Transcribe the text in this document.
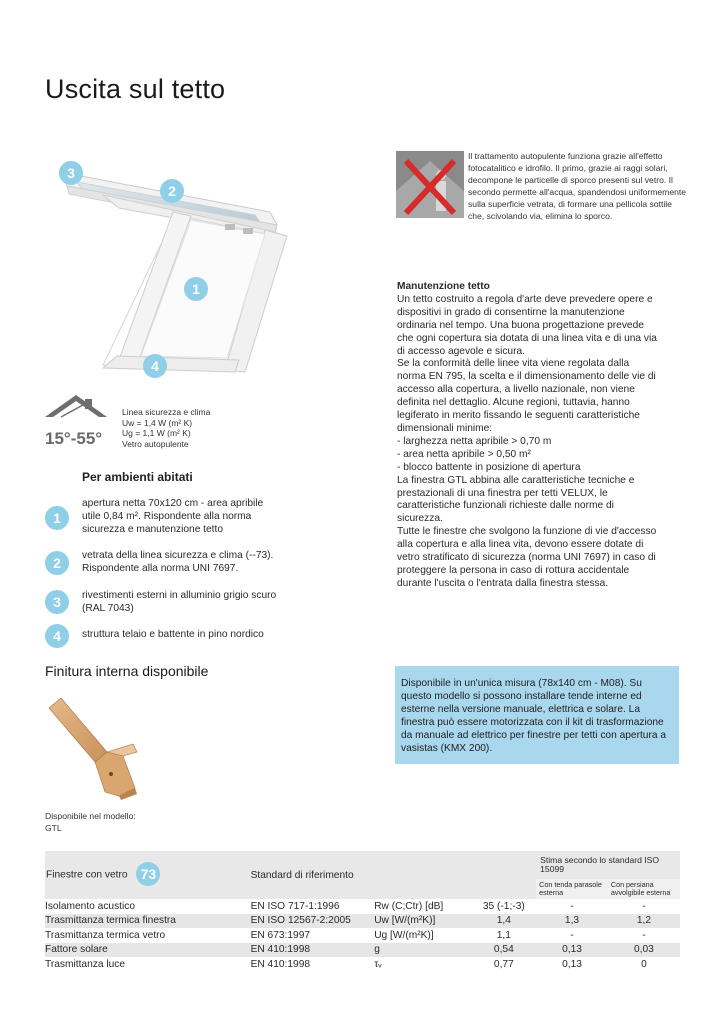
Uscita sul tetto
3
2
1
4
15°-55°
Linea sicurezza e clima
Uw = 1,4 W (m² K)
Ug = 1,1 W (m² K)
Vetro autopulente
Per ambienti abitati
1
apertura netta 70x120 cm - area apribile utile 0,84 m². Rispondente alla norma sicurezza e manutenzione tetto
2	vetrata della linea sicurezza e clima (--73). Rispondente alla norma UNI 7697.
3	rivestimenti esterni in alluminio grigio scuro (RAL 7043)
4	struttura telaio e battente in pino nordico
Finitura interna disponibile
Disponibile nel modello:
GTL
Il trattamento autopulente funziona grazie all'effetto fotocatalitico e idrofilo. Il primo, grazie ai raggi solari, decompone le particelle di sporco presenti sul vetro. Il secondo permette all'acqua, spandendosi uniformemente sulla superficie vetrata, di formare una pellicola sottile che, scivolando via, elimina lo sporco.

Manutenzione tetto

Un tetto costruito a regola d'arte deve prevedere opere e dispositivi in grado di consentirne la manutenzione ordinaria nel tempo. Una buona progettazione prevede che ogni copertura sia dotata di una linea vita e di una via di accesso agevole e sicura.

Se la conformità delle linee vita viene regolata dalla norma EN 795, la scelta e il dimensionamento delle vie di accesso alla copertura, a livello nazionale, non viene definita nel dettaglio. Alcune regioni, tuttavia, hanno legiferato in merito fissando le seguenti caratteristiche dimensionali minime:

- larghezza netta apribile > 0,70 m

- area netta apribile > 0,50 m²

- blocco battente in posizione di apertura

La finestra GTL abbina alle caratteristiche tecniche e prestazionali di una finestra per tetti VELUX, le caratteristiche funzionali richieste dalle norme di sicurezza.

Tutte le finestre che svolgono la funzione di vie d'accesso alla copertura e alla linea vita, devono essere dotate di vetro stratificato di sicurezza (norma UNI 7697) in caso di proteggere la persona in caso di rottura accidentale durante l'uscita o l'entrata dalla finestra stessa.

Disponibile in un'unica misura (78x140 cm - M08). Su questo modello si possono installare tende interne ed esterne nella versione manuale, elettrica e solare. La finestra può essere motorizzata con il kit di trasformazione da manuale ad elettrico per finestre per tetti con apertura a vasistas (KMX 200).
Finestre con vetro 73	Standard di riferimento			Stima secondo lo standard ISO 15099	
				Con tenda parasole esterna	Con persiana avvolgibile esterna
Isolamento acustico	EN ISO 717-1:1996	Rw (C;Ctr) [dB]	35 (-1;-3)	-	-
Trasmittanza termica finestra	EN ISO 12567-2:2005	Uw [W/(m²K)]	1,4	1,3	1,2
Trasmittanza termica vetro	EN 673:1997	Ug [W/(m²K)]	1,1	-	-
Fattore solare	EN 410:1998	g	0,54	0,13	0,03
Trasmittanza luce	EN 410:1998	τᵥ	0,77	0,13	0
